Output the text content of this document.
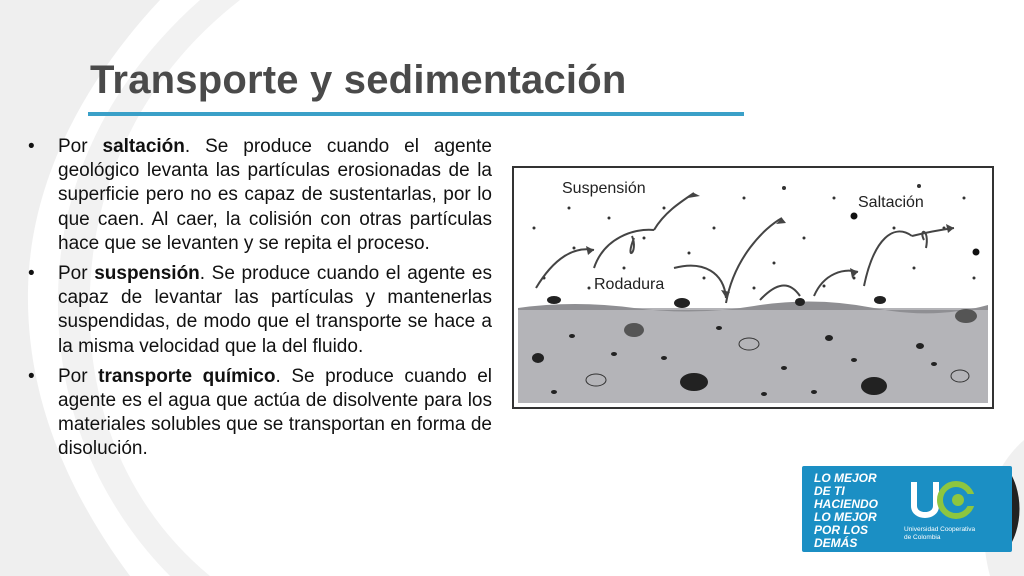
Transporte y sedimentación
• Por saltación. Se produce cuando el agente geológico levanta las partículas erosionadas de la superficie pero no es capaz de sustentarlas, por lo que caen. Al caer, la colisión con otras partículas hace que se levanten y se repita el proceso.
• Por suspensión. Se produce cuando el agente es capaz de levantar las partículas y mantenerlas suspendidas, de modo que el transporte se hace a la misma velocidad que la del fluido.
• Por transporte químico. Se produce cuando el agente es el agua que actúa de disolvente para los materiales solubles que se transportan en forma de disolución.
Suspensión
Saltación
Rodadura
LO MEJOR
DE TI
HACIENDO
LO MEJOR
POR LOS
DEMÁS
Universidad Cooperativa
de Colombia
